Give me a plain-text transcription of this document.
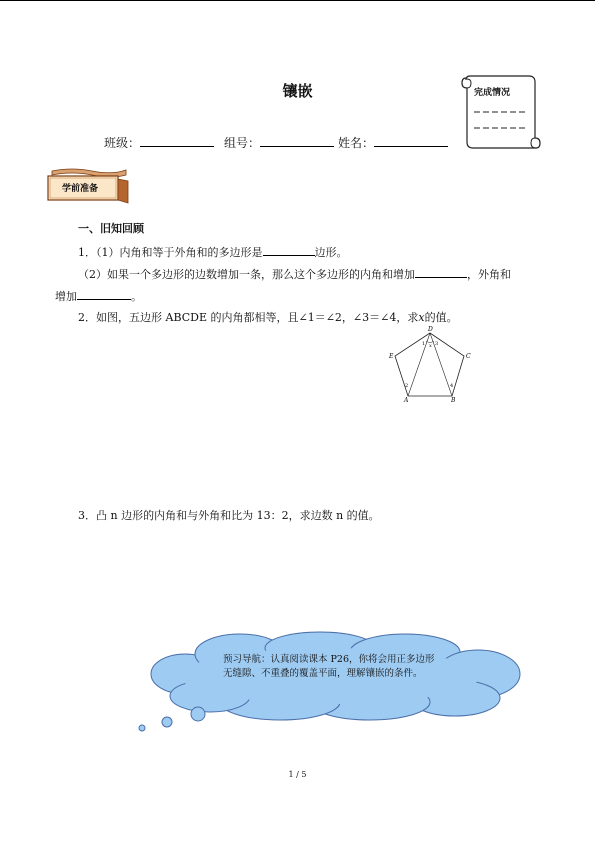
镶嵌	完成情况
班级：	组号：	姓名：
学前准备
一、旧知回顾
1．（1）内角和等于外角和的多边形是	边形。
（2）如果一个多边形的边数增加一条，那么这个多边形的内角和增加	，外角和
增加	。
2．如图，五边形 ABCDE 的内角都相等，且∠1＝∠2，∠3＝∠4，求x的值。
D
E	C
A	B
1 3
x
2	4
3．凸 n 边形的内角和与外角和比为 13：2，求边数 n 的值。
预习导航：认真阅读课本 P26，你将会用正多边形无缝隙、不重叠的覆盖平面，理解镶嵌的条件。
1 / 5
